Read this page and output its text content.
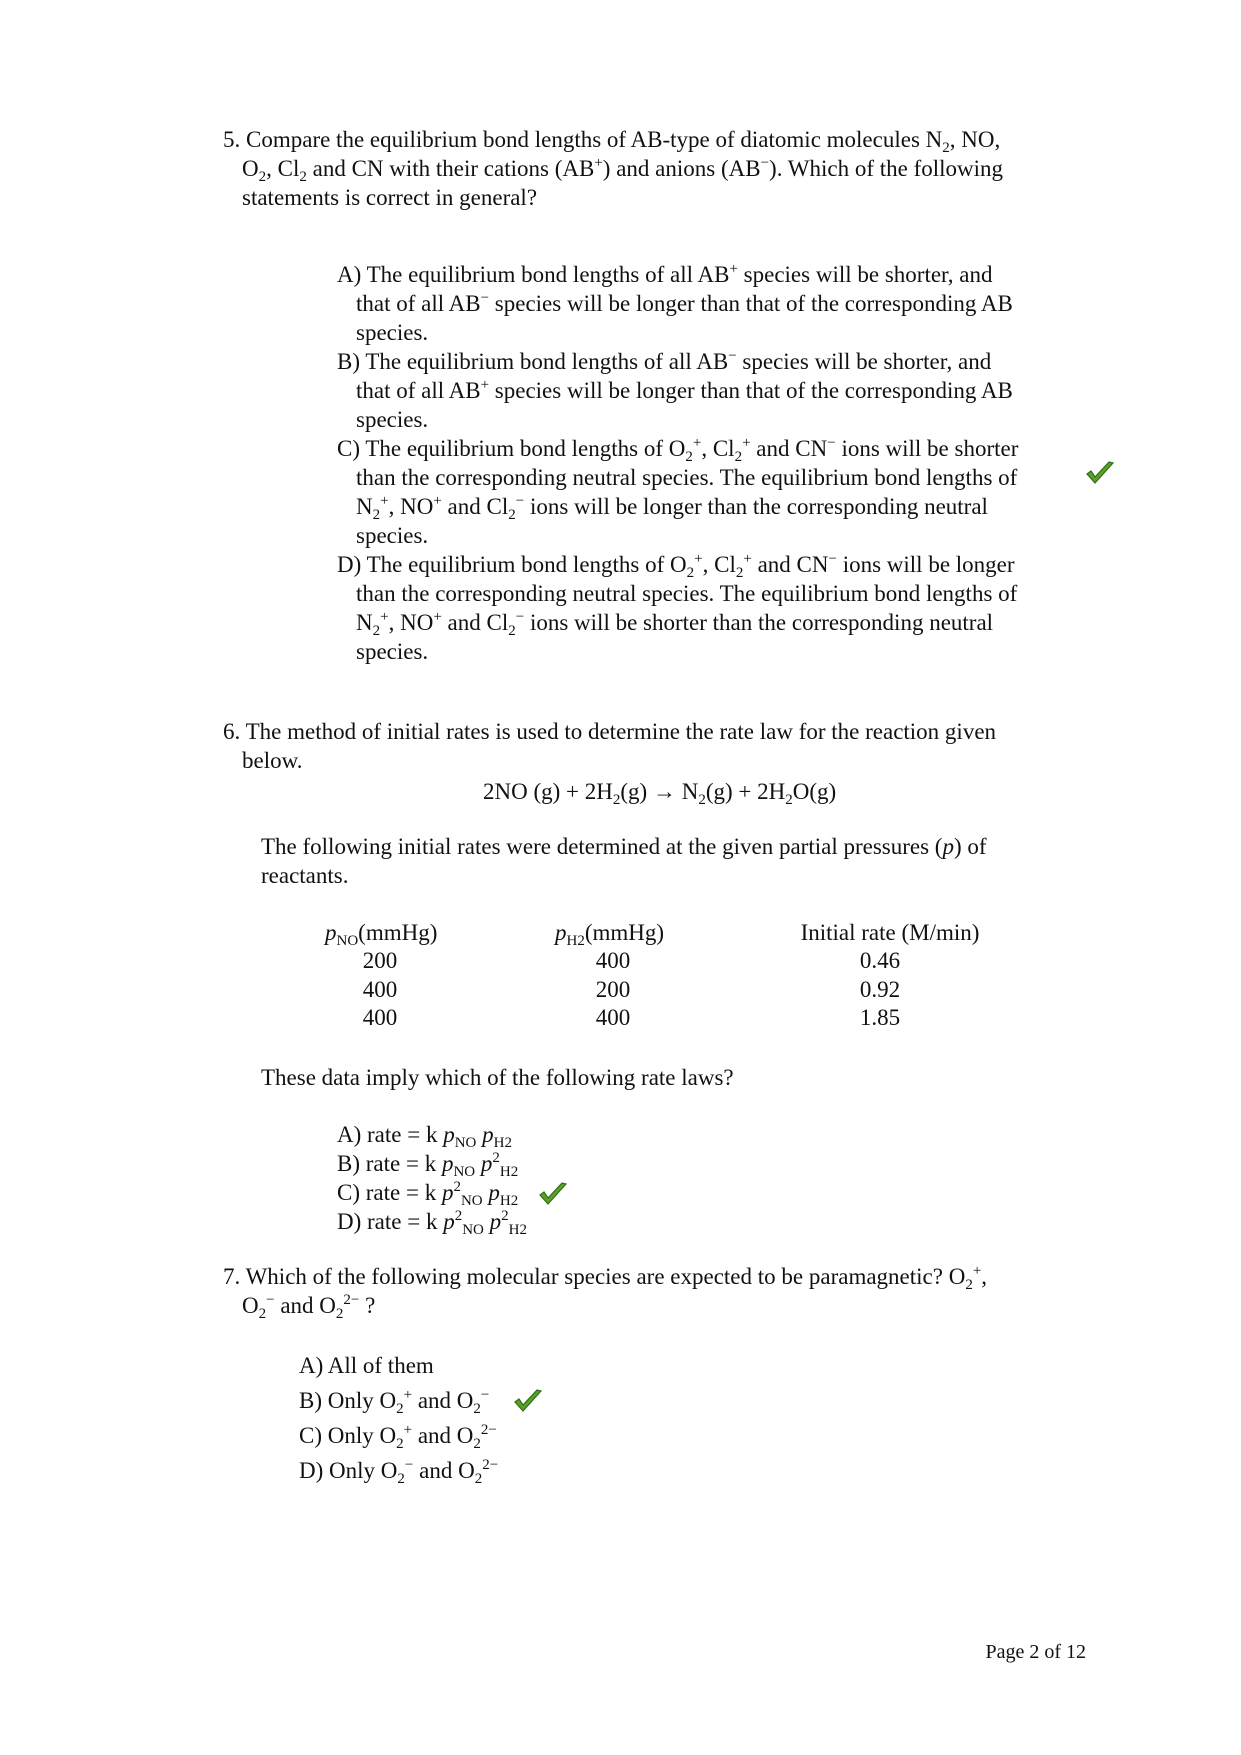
5. Compare the equilibrium bond lengths of AB-type of diatomic molecules $N_2$, NO,
$O_2$, $Cl_2$ and CN with their cations (AB+) and anions (AB−). Which of the following
statements is correct in general?
A) The equilibrium bond lengths of all AB+ species will be shorter, and
that of all AB− species will be longer than that of the corresponding AB
species.
B) The equilibrium bond lengths of all AB− species will be shorter, and
that of all AB+ species will be longer than that of the corresponding AB
species.
C) The equilibrium bond lengths of $O_2^+$, $Cl_2^+$ and CN− ions will be shorter
than the corresponding neutral species. The equilibrium bond lengths of
$N_2^+$, NO+ and $Cl_2^-$ ions will be longer than the corresponding neutral
species.
D) The equilibrium bond lengths of $O_2^+$, $Cl_2^+$ and CN− ions will be longer
than the corresponding neutral species. The equilibrium bond lengths of
$N_2^+$, NO+ and $Cl_2^-$ ions will be shorter than the corresponding neutral
species.
6. The method of initial rates is used to determine the rate law for the reaction given
below.
2NO $(g) + 2H_2(g) \to N_2(g) + 2H_2O(g)$
The following initial rates were determined at the given partial pressures (p) of
reactants.
$p_{NO}(mmHg)$	$p_{H2}(mmHg)$	Initial rate (M/min)
200	400	0.46
400	200	0.92
400	400	1.85
These data imply which of the following rate laws?
A) rate = k $p_{NO}$ $p_{H2}$
B) rate = k $p_{NO}$ $p^2_{H2}$
C) rate = k $p^2_{NO}$ $p_{H2}$
D) rate = k $p^2_{NO}$ $p^2_{H2}$
7. Which of the following molecular species are expected to be paramagnetic? $O_2^+$,
$O_2^-$ and $O_2^{2-}$ ?
A) All of them
B) Only $O_2^+$ and $O_2^-$
C) Only $O_2^+$ and $O_2^{2-}$
D) Only $O_2^-$ and $O_2^{2-}$
Page 2 of 12
